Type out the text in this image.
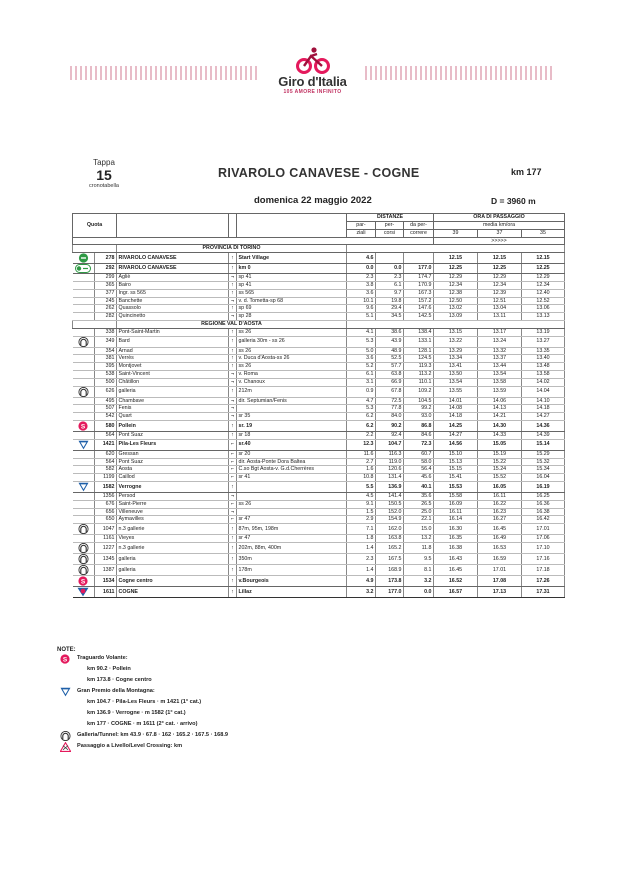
Giro d'Italia
105 AMORE INFINITO
Tappa
15
cronotabella
RIVAROLO CANAVESE - COGNE	km 177
domenica 22 maggio 2022	D = 3960 m
Quota					DISTANZE			ORA DI PASSAGGIO		
					par-	per-	da per-	media km/ora		
					ziali	corsi	correre	39	37	35
								>>>>>		
		PROVINCIA DI TORINO								
	278	RIVAROLO CANAVESE	↑	Start Village	4.6			12.15	12.15	12.15
	292	RIVAROLO CANAVESE	↑	km 0	0.0	0.0	177.0	12.25	12.25	12.25
	299	Agliè	¬	sp 41	2.3	2.3	174.7	12.29	12.29	12.29
	365	Bairo	↑	sp 41	3.8	6.1	170.9	12.34	12.34	12.34
	377	Ingr. ss 565	↑	ss 565	3.6	9.7	167.3	12.38	12.39	12.40
	245	Banchette	¬	v. d. Tometta-sp 68	10.1	19.8	157.2	12.50	12.51	12.52
	262	Quassolo	↑	sp 69	9.6	29.4	147.6	13.02	13.04	13.06
	282	Quincinetto	¬	sp 28	5.1	34.5	142.5	13.09	13.11	13.13
		REGIONE VAL D'AOSTA								
	338	Pont-Saint-Martin	↑	ss 26	4.1	38.6	138.4	13.15	13.17	13.19
	349	Bard	↑	galleria 30m - ss 26	5.3	43.9	133.1	13.22	13.24	13.27
	354	Arnad	↑	ss 26	5.0	48.9	128.1	13.29	13.32	13.35
	381	Verrès	↑	v. Duca d'Aosta-ss 26	3.6	52.5	124.5	13.34	13.37	13.40
	395	Montjovet	↑	ss 26	5.2	57.7	119.3	13.41	13.44	13.48
	538	Saint-Vincent	¬	v. Roma	6.1	63.8	113.2	13.50	13.54	13.58
	500	Châtillon	¬	v. Chanoux	3.1	66.9	110.1	13.54	13.58	14.02
	626	galleria	↑	212m	0.9	67.8	109.2	13.55	13.59	14.04
	495	Chambave	¬	dir. Septumian/Fenis	4.7	72.5	104.5	14.01	14.06	14.10
	507	Fenis	¬		5.3	77.8	99.2	14.08	14.13	14.18
	542	Quart	¬	sr 35	6.2	84.0	93.0	14.18	14.21	14.27

S	580	Pollein	↑	sr. 19	6.2	90.2	86.8	14.25	14.30	14.36
	564	Pont Suaz	↑	sr 18	2.2	92.4	84.6	14.27	14.33	14.39
	1421	Pila-Les Fleurs	⌐	sr.40	12.3	104.7	72.3	14.56	15.05	15.14
	620	Gressan	⌐	sr 20	11.6	116.3	60.7	15.10	15.19	15.29
	564	Pont Suaz	⌐	dir. Aosta-Ponte Dora Baltea	2.7	119.0	58.0	15.13	15.22	15.32
	582	Aosta	⌐	C.so Bgt Aosta-v. G.d.Cherrères	1.6	120.6	56.4	15.15	15.24	15.34
	1199	Caillod	⌐	sr 41	10.8	131.4	45.6	15.41	15.52	16.04
	1582	Verrogne	↑		5.5	136.9	40.1	15.53	16.05	16.19
	1356	Persod	¬		4.5	141.4	35.6	15.58	16.11	16.25
	676	Saint-Pierre	⌐	ss 26	9.1	150.5	26.5	16.09	16.22	16.36
	656	Villeneuve	¬		1.5	152.0	25.0	16.11	16.23	16.38
	650	Aymavilles	⌐	sr 47	2.9	154.9	22.1	16.14	16.27	16.42
	1047	n.3 gallerie	↑	87m, 95m, 198m	7.1	162.0	15.0	16.30	16.45	17.01
	1161	Vieyes	↑	sr 47	1.8	163.8	13.2	16.35	16.49	17.06
	1227	n.3 gallerie	↑	202m, 88m, 400m	1.4	165.2	11.8	16.38	16.53	17.10
	1345	galleria	↑	350m	2.3	167.5	9.5	16.43	16.59	17.16
	1387	galleria	↑	178m	1.4	168.9	8.1	16.45	17.01	17.18

S	1534	Cogne centro	↑	v.Bourgeois	4.9	173.8	3.2	16.52	17.08	17.26
	1611	COGNE	↑	Lillaz	3.2	177.0	0.0	16.57	17.13	17.31
NOTE:
S Traguardo Volante:
km 90.2 · Pollein
km 173.8 · Cogne centro
Gran Premio della Montagna:
km 104.7 · Pila-Les Fleurs · m 1421 (1° cat.)
km 136.9 · Verrogne · m 1582 (1° cat.)
km 177 · COGNE · m 1611 (2° cat. · arrivo)
Galleria/Tunnel: km 43.9 · 67.8 · 162 · 165.2 · 167.5 · 168.9
Passaggio a Livello/Level Crossing: km
